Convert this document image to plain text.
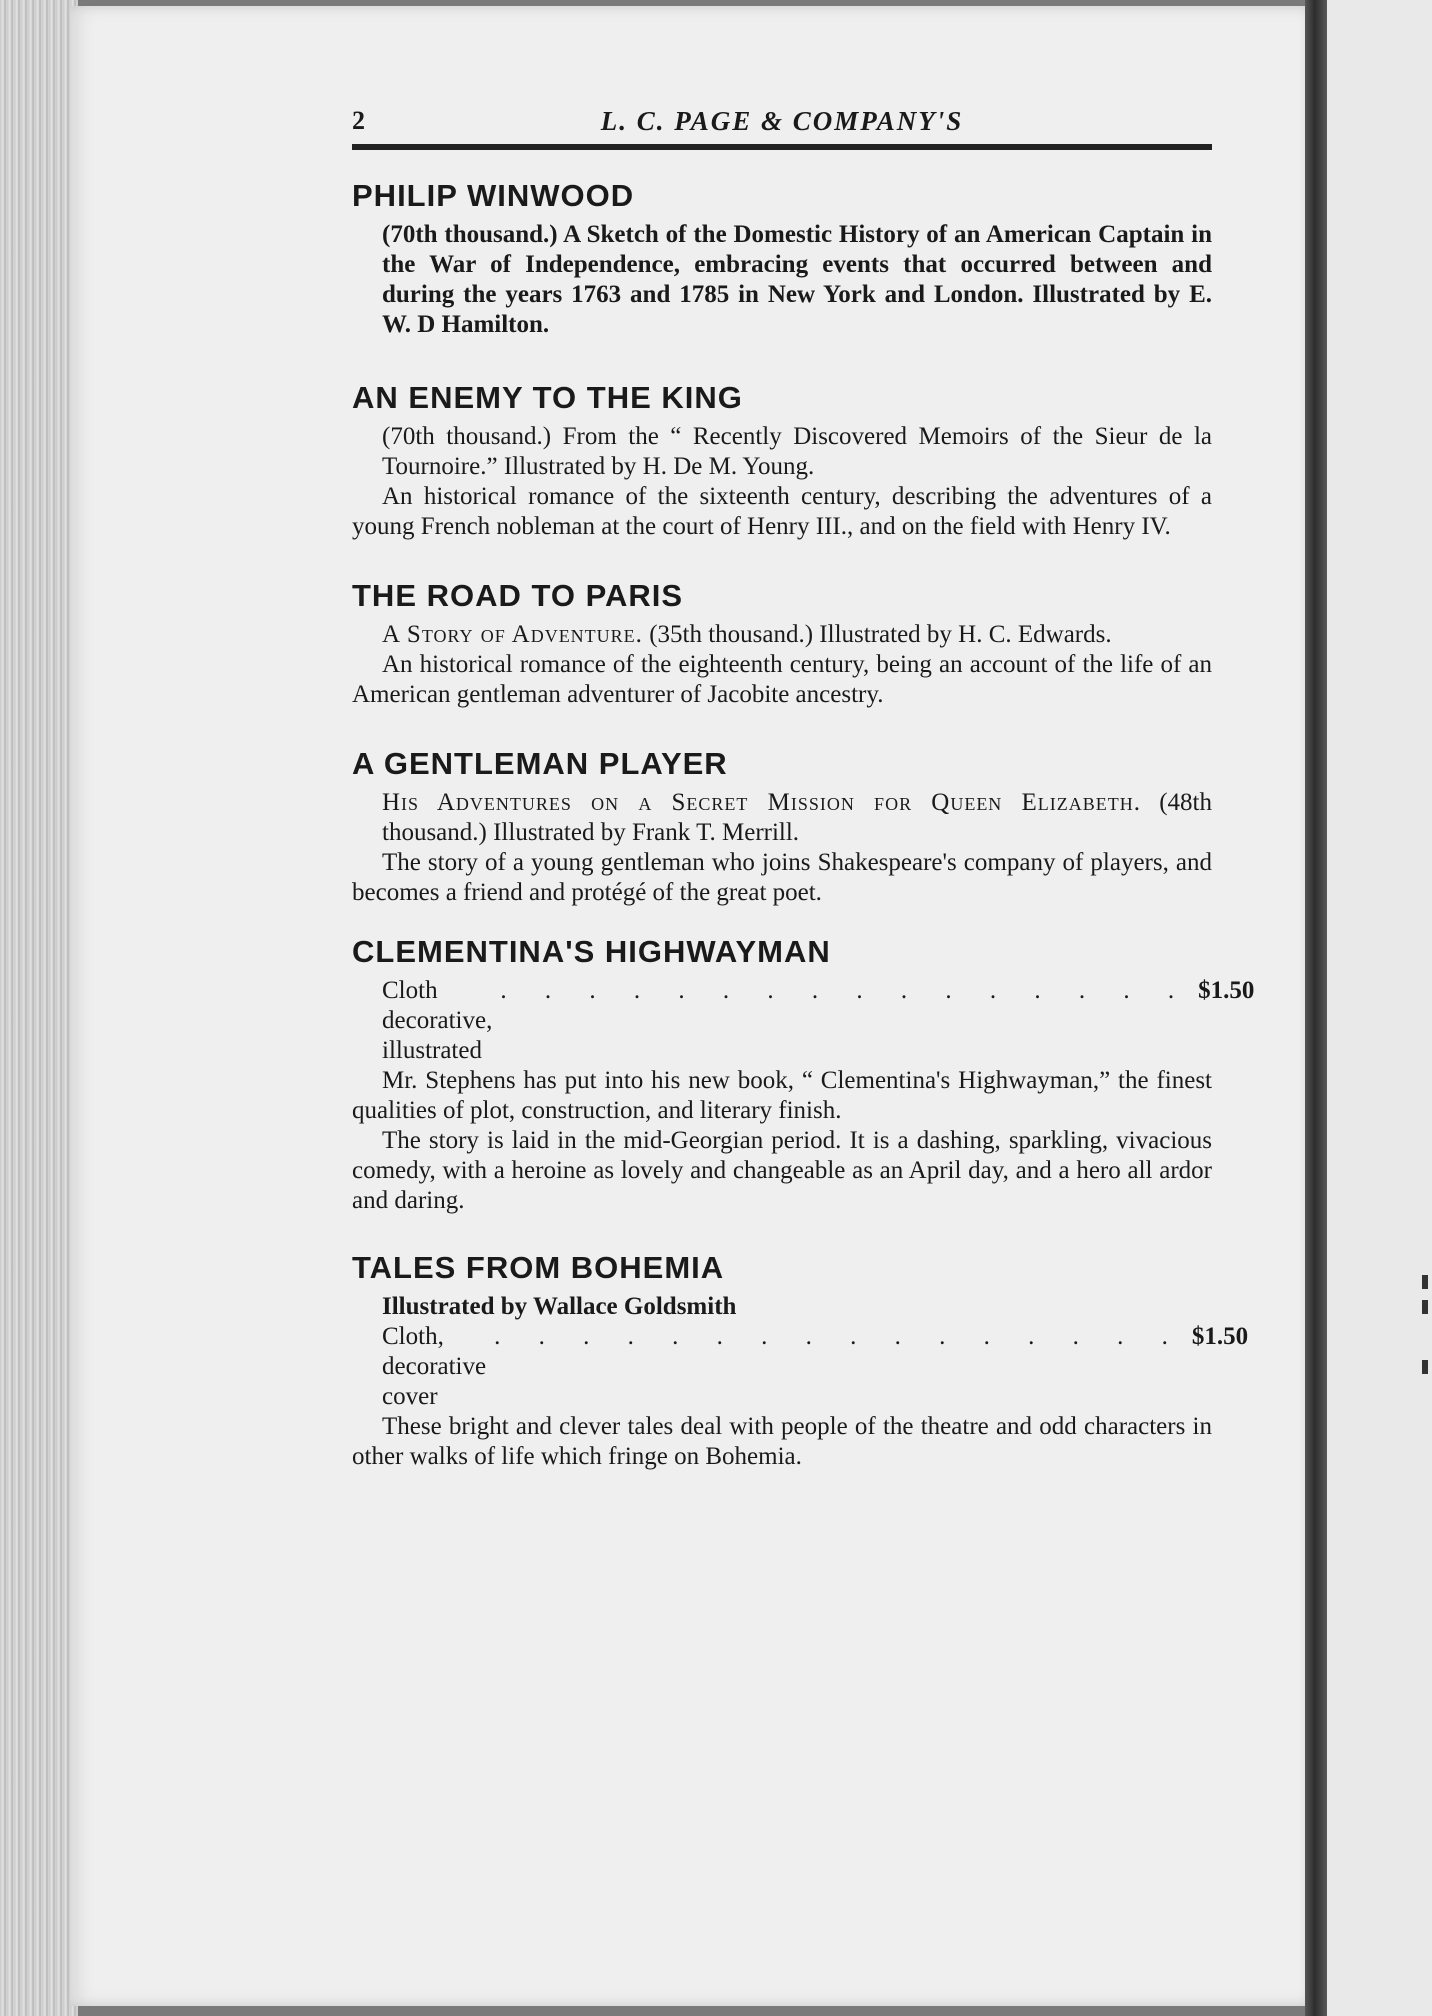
2	L. C. PAGE & COMPANY'S
PHILIP WINWOOD
(70th thousand.) A Sketch of the Domestic History of an American Captain in the War of Independence, embracing events that occurred between and during the years 1763 and 1785 in New York and London. Illustrated by E. W. D Hamilton.
AN ENEMY TO THE KING
(70th thousand.) From the “ Recently Discovered Memoirs of the Sieur de la Tournoire.” Illustrated by H. De M. Young.
An historical romance of the sixteenth century, describing the adventures of a young French nobleman at the court of Henry III., and on the field with Henry IV.
THE ROAD TO PARIS
A Story of Adventure. (35th thousand.) Illustrated by H. C. Edwards.
An historical romance of the eighteenth century, being an account of the life of an American gentleman adventurer of Jacobite ancestry.
A GENTLEMAN PLAYER
His Adventures on a Secret Mission for Queen Elizabeth. (48th thousand.) Illustrated by Frank T. Merrill.
The story of a young gentleman who joins Shakespeare's company of players, and becomes a friend and protégé of the great poet.
CLEMENTINA'S HIGHWAYMAN
Cloth decorative, illustrated
. . . . . . . . . . . . . . . . $1.50
Mr. Stephens has put into his new book, “ Clementina's Highwayman,” the finest qualities of plot, construction, and literary finish.
The story is laid in the mid-Georgian period. It is a dashing, sparkling, vivacious comedy, with a heroine as lovely and changeable as an April day, and a hero all ardor and daring.
TALES FROM BOHEMIA
Illustrated by Wallace Goldsmith
Cloth, decorative cover
. . . . . . . . . . . . . . . . $1.50
These bright and clever tales deal with people of the theatre and odd characters in other walks of life which fringe on Bohemia.
